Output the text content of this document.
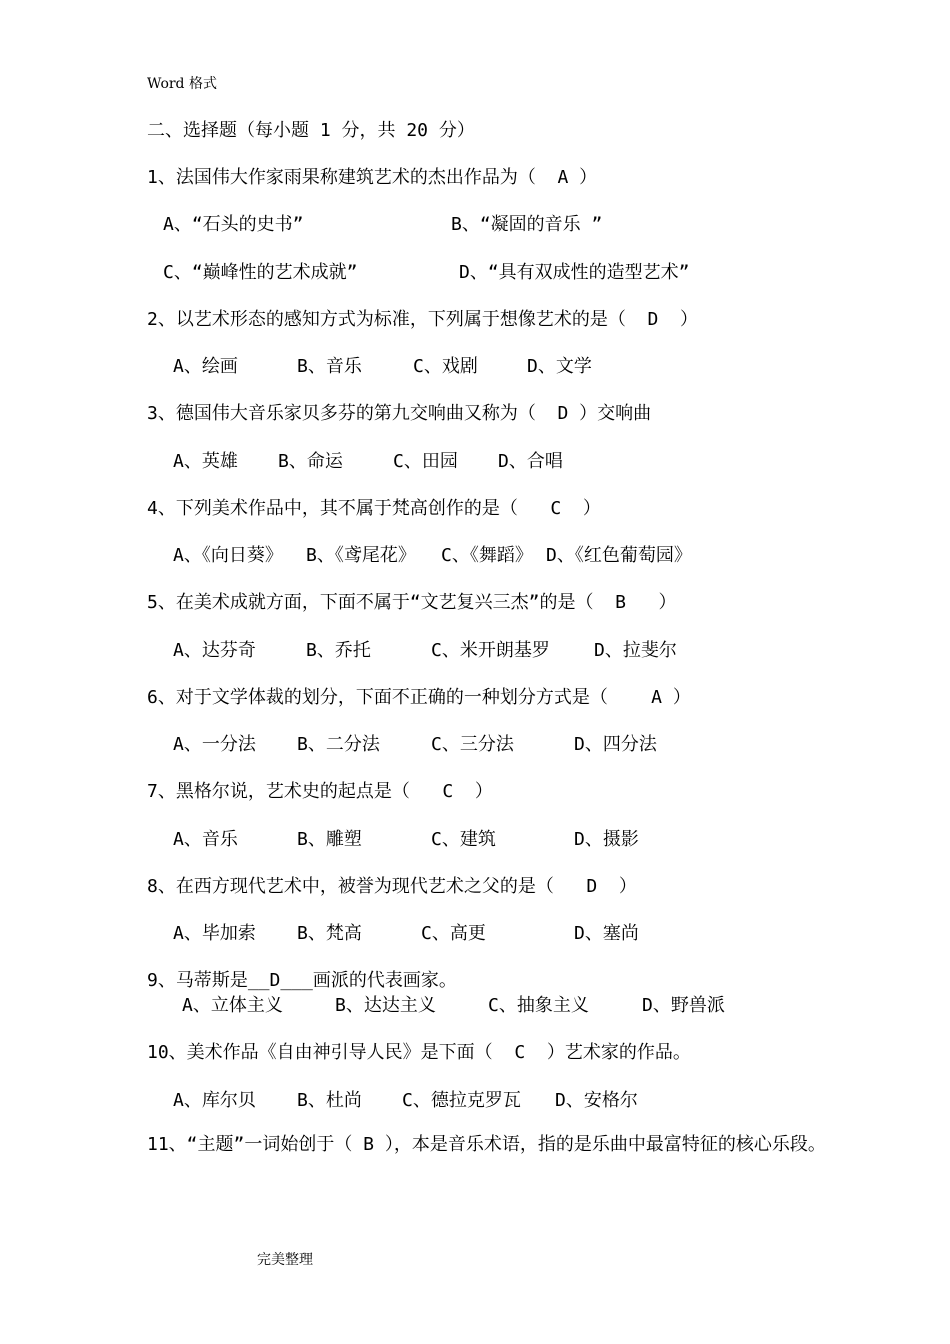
Word 格式
二、选择题（每小题 1 分，共 20 分）
1、法国伟大作家雨果称建筑艺术的杰出作品为（  A ）
A、“石头的史书”	B、“凝固的音乐 ”
C、“巅峰性的艺术成就”	D、“具有双成性的造型艺术”
2、以艺术形态的感知方式为标准，下列属于想像艺术的是（  D  ）
A、绘画	B、音乐	C、戏剧	D、文学
3、德国伟大音乐家贝多芬的第九交响曲又称为（  D ）交响曲
A、英雄 B、命运	C、田园 D、合唱
4、下列美术作品中，其不属于梵高创作的是（   C  ）
A、《向日葵》 B、《鸢尾花》 C、《舞蹈》 D、《红色葡萄园》
5、在美术成就方面，下面不属于“文艺复兴三杰”的是（  B   ）
A、达芬奇	B、乔托	C、米开朗基罗 D、拉斐尔
6、对于文学体裁的划分，下面不正确的一种划分方式是（    A ）
A、一分法 B、二分法	C、三分法	D、四分法
7、黑格尔说，艺术史的起点是（   C  ）
A、音乐	B、雕塑	C、建筑	D、摄影
8、在西方现代艺术中，被誉为现代艺术之父的是（   D  ）
A、毕加索 B、梵高	C、高更	D、塞尚
9、马蒂斯是__D___画派的代表画家。
A、立体主义	B、达达主义	C、抽象主义	D、野兽派
10、美术作品《自由神引导人民》是下面（  C  ）艺术家的作品。
A、库尔贝 B、杜尚 C、德拉克罗瓦 D、安格尔
11、“主题”一词始创于（ B ），本是音乐术语，指的是乐曲中最富特征的核心乐段。
完美整理
